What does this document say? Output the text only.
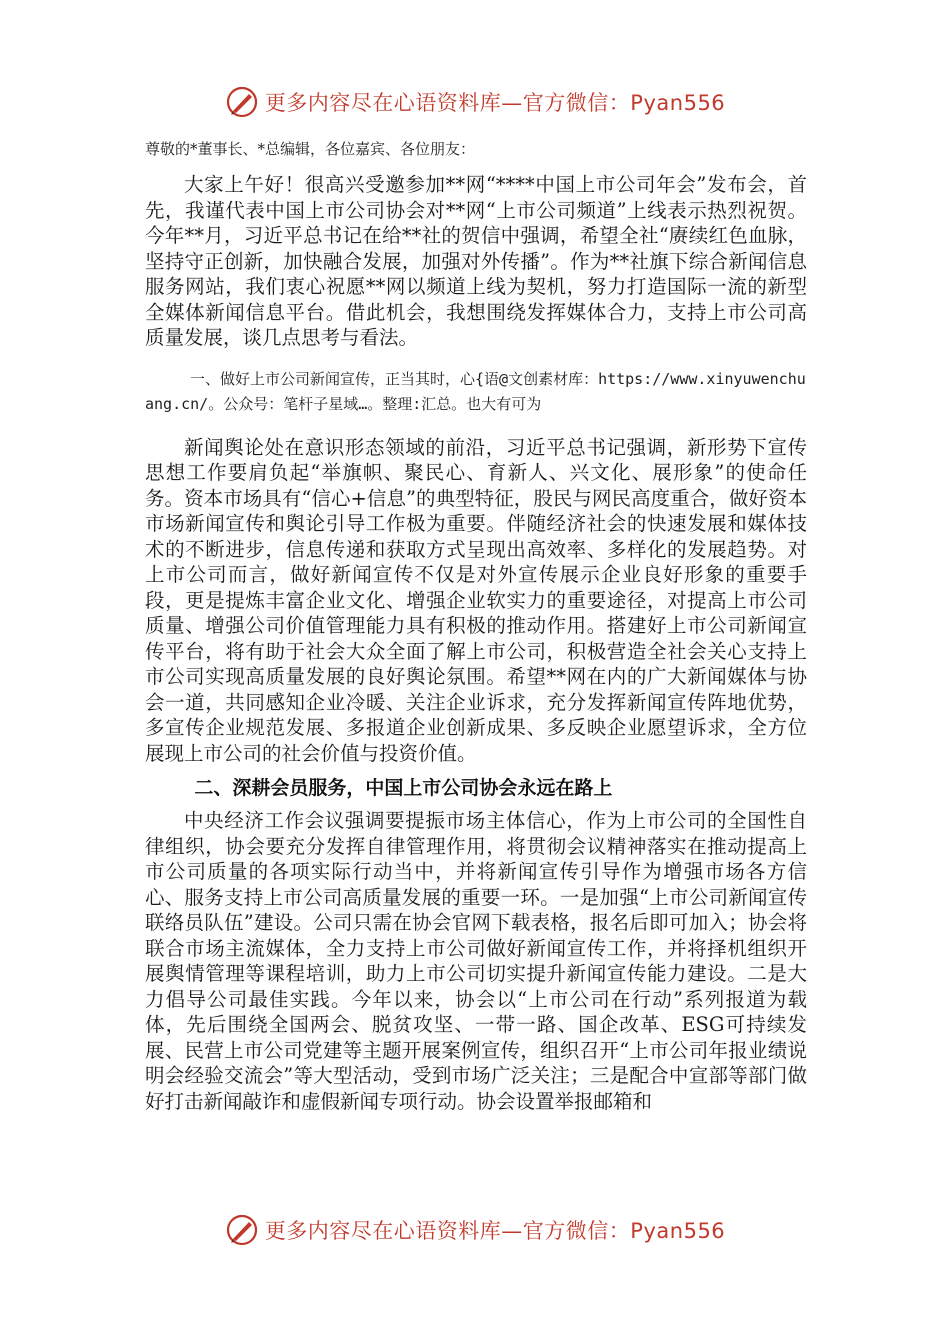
更多内容尽在心语资料库—官方微信：Pyan556

尊敬的*董事长、*总编辑，各位嘉宾、各位朋友：

大家上午好！很高兴受邀参加**网“****中国上市公司年会”发布会，首先，我谨代表中国上市公司协会对**网“上市公司频道”上线表示热烈祝贺。今年**月，习近平总书记在给**社的贺信中强调，希望全社“赓续红色血脉，坚持守正创新，加快融合发展，加强对外传播”。作为**社旗下综合新闻信息服务网站，我们衷心祝愿**网以频道上线为契机，努力打造国际一流的新型全媒体新闻信息平台。借此机会，我想围绕发挥媒体合力，支持上市公司高质量发展，谈几点思考与看法。

一、做好上市公司新闻宣传，正当其时，心{语@文创素材库：https://www.xinyuwenchuang.cn/。公众号：笔杆子星域…。整理:汇总。也大有可为

新闻舆论处在意识形态领域的前沿，习近平总书记强调，新形势下宣传思想工作要肩负起“举旗帜、聚民心、育新人、兴文化、展形象”的使命任务。资本市场具有“信心+信息”的典型特征，股民与网民高度重合，做好资本市场新闻宣传和舆论引导工作极为重要。伴随经济社会的快速发展和媒体技术的不断进步，信息传递和获取方式呈现出高效率、多样化的发展趋势。对上市公司而言，做好新闻宣传不仅是对外宣传展示企业良好形象的重要手段，更是提炼丰富企业文化、增强企业软实力的重要途径，对提高上市公司质量、增强公司价值管理能力具有积极的推动作用。搭建好上市公司新闻宣传平台，将有助于社会大众全面了解上市公司，积极营造全社会关心支持上市公司实现高质量发展的良好舆论氛围。希望**网在内的广大新闻媒体与协会一道，共同感知企业冷暖、关注企业诉求，充分发挥新闻宣传阵地优势，多宣传企业规范发展、多报道企业创新成果、多反映企业愿望诉求，全方位展现上市公司的社会价值与投资价值。

二、深耕会员服务，中国上市公司协会永远在路上

中央经济工作会议强调要提振市场主体信心，作为上市公司的全国性自律组织，协会要充分发挥自律管理作用，将贯彻会议精神落实在推动提高上市公司质量的各项实际行动当中，并将新闻宣传引导作为增强市场各方信心、服务支持上市公司高质量发展的重要一环。一是加强“上市公司新闻宣传联络员队伍”建设。公司只需在协会官网下载表格，报名后即可加入；协会将联合市场主流媒体，全力支持上市公司做好新闻宣传工作，并将择机组织开展舆情管理等课程培训，助力上市公司切实提升新闻宣传能力建设。二是大力倡导公司最佳实践。今年以来，协会以“上市公司在行动”系列报道为载体，先后围绕全国两会、脱贫攻坚、一带一路、国企改革、ESG可持续发展、民营上市公司党建等主题开展案例宣传，组织召开“上市公司年报业绩说明会经验交流会”等大型活动，受到市场广泛关注；三是配合中宣部等部门做好打击新闻敲诈和虚假新闻专项行动。协会设置举报邮箱和

更多内容尽在心语资料库—官方微信：Pyan556
